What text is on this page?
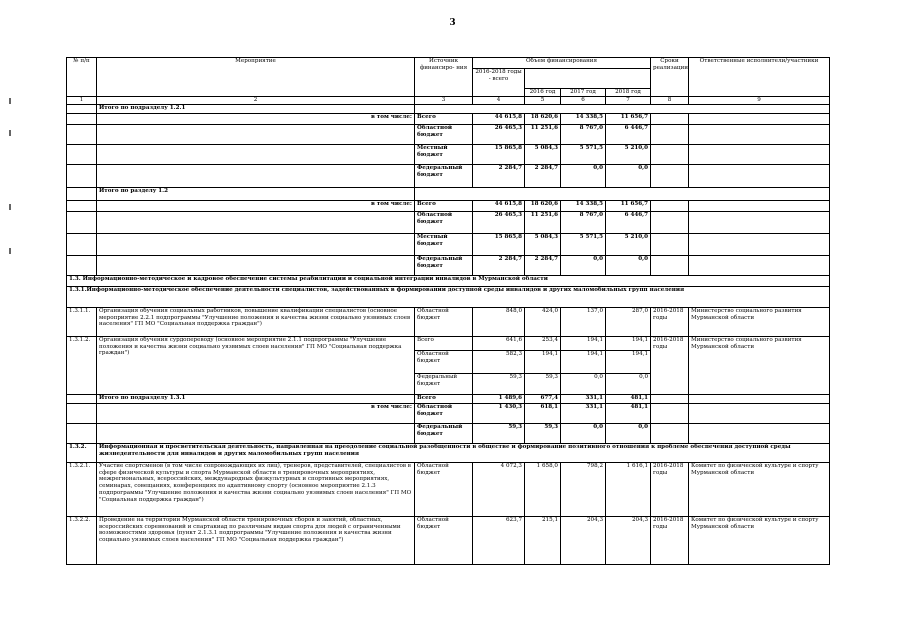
3
№ п/п	Мероприятие	Источник финансиро- ния	Объем финансирования				Сроки реализации	Ответственные исполнители/участники
			2016-2018 годы - всего					
				2016 год	2017 год	2018 год		
1	2	3	4	5	6	7	8	9
	Итого по подразделу 1.2.1							
	в том числе:	Всего	44 615,8	18 620,6	14 338,5	11 656,7		
		Областной бюджет	26 465,3	11 251,6	8 767,0	6 446,7		
		Местный бюджет	15 865,8	5 084,3	5 571,5	5 210,0		
		Федеральный бюджет	2 284,7	2 284,7	0,0	0,0		
	Итого по разделу 1.2							
	в том числе:	Всего	44 615,8	18 620,6	14 338,5	11 656,7		
		Областной бюджет	26 465,3	11 251,6	8 767,0	6 446,7		
		Местный бюджет	15 865,8	5 084,3	5 571,5	5 210,0		
		Федеральный бюджет	2 284,7	2 284,7	0,0	0,0		
1.3. Информационно-методическое и кадровое обеспечение системы реабилитации и социальной интеграции инвалидов в Мурманской области								
1.3.1.Информационно-методическое обеспечение деятельности специалистов, задействованных в формировании доступной среды инвалидов и других маломобильных групп населения								
1.3.1.1.	Организация обучения социальных работников, повышение квалификации специалистов (основное мероприятие 2.2.1 подпрограммы "Улучшение положения и качества жизни социально уязвимых слоев населения" ГП МО "Социальная поддержка граждан")	Областной бюджет	848,0	424,0	137,0	287,0	2016-2018 годы	Министерство социального развития Мурманской области
1.3.1.2.	Организация обучения сурдопереводу (основное мероприятие 2.1.1 подпрограммы "Улучшение положения и качества жизни социально уязвимых слоев населения" ГП МО "Социальная поддержка граждан")	Всего	641,6	253,4	194,1	194,1	2016-2018 годы	Министерство социального развития Мурманской области
		Областной бюджет	582,3	194,1	194,1	194,1		
		Федеральный бюджет	59,3	59,3	0,0	0,0		
	Итого по подразделу 1.3.1	Всего	1 489,6	677,4	331,1	481,1		
	в том числе:	Областной бюджет	1 430,3	618,1	331,1	481,1		
		Федеральный бюджет	59,3	59,3	0,0	0,0		
1.3.2.	Информационная и просветительская деятельность, направленная на преодоление социальной разобщенности в обществе и формирование позитивного отношения к проблеме обеспечения доступной среды жизнедеятельности для инвалидов и других маломобильных групп населения							
1.3.2.1.	Участие спортсменов (в том числе сопровождающих их лиц), тренеров, представителей, специалистов в сфере физической культуры и спорта Мурманской области в тренировочных мероприятиях, межрегиональных, всероссийских, международных физкультурных и спортивных мероприятиях, семинарах, совещаниях, конференциях по адаптивному спорту (основное мероприятие 2.1.3 подпрограммы "Улучшение положения и качества жизни социально уязвимых слоев населения" ГП МО "Социальная поддержка граждан")	Областной бюджет	4 072,3	1 658,0	798,2	1 616,1	2016-2018 годы	Комитет по физической культуре и спорту Мурманской области
1.3.2.2.	Проведение на территории Мурманской области тренировочных сборов и занятий, областных, всероссийских соревнований и спартакиад по различным видам спорта для людей с ограниченными возможностями здоровья (пункт 2.1.3.1 подпрограммы "Улучшение положения и качества жизни социально уязвимых слоев населения" ГП МО "Социальная поддержка граждан")	Областной бюджет	623,7	215,1	204,3	204,3	2016-2018 годы	Комитет по физической культуре и спорту Мурманской области
